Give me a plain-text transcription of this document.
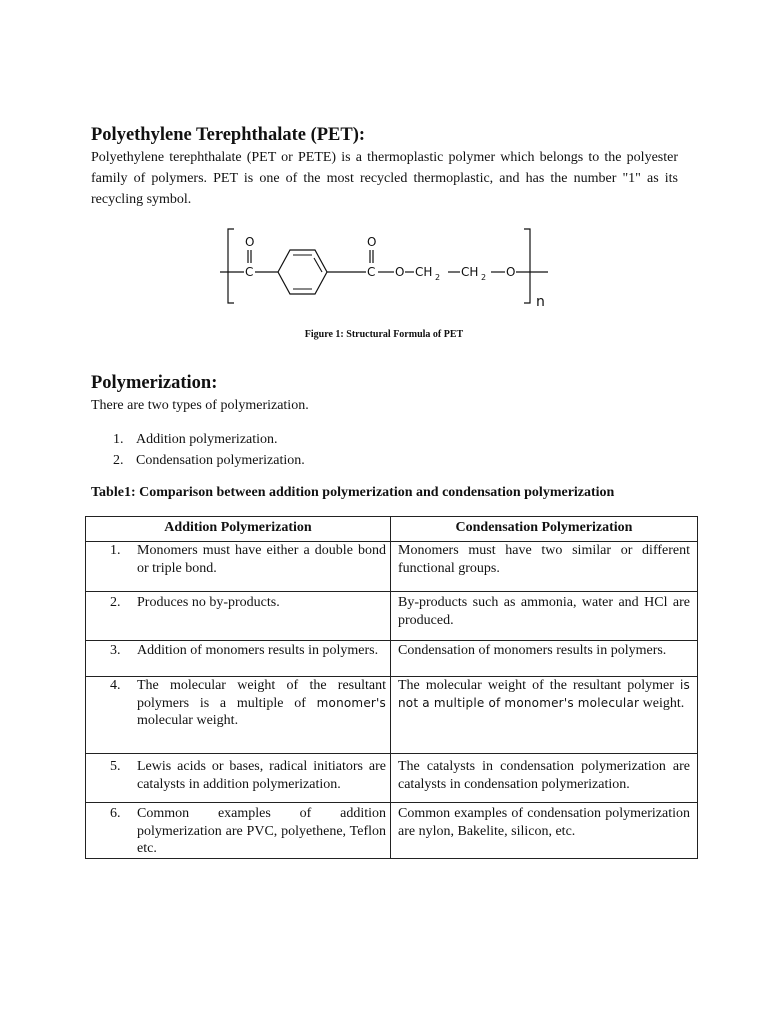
Polyethylene Terephthalate (PET):

Polyethylene terephthalate (PET or PETE) is a thermoplastic polymer which belongs to the polyester family of polymers. PET is one of the most recycled thermoplastic, and has the number "1" as its recycling symbol.

C
O
C
O
O CH 2 CH 2 O
n
Figure 1: Structural Formula of PET
Polymerization:

There are two types of polymerization.

1. Addition polymerization.
2. Condensation polymerization.

Table1: Comparison between addition polymerization and condensation polymerization

Addition Polymerization	Condensation Polymerization

1. Monomers must have either a double bond or triple bond.	Monomers must have two similar or different functional groups.

2. Produces no by-products.	By-products such as ammonia, water and HCl are produced.

3. Addition of monomers results in polymers.	Condensation of monomers results in polymers.

4. The molecular weight of the resultant polymers is a multiple of monomer's molecular weight.	The molecular weight of the resultant polymer is not a multiple of monomer's molecular weight.

5. Lewis acids or bases, radical initiators are catalysts in addition polymerization.	The catalysts in condensation polymerization are catalysts in condensation polymerization.

6. Common examples of addition polymerization are PVC, polyethene, Teflon etc.	Common examples of condensation polymerization are nylon, Bakelite, silicon, etc.
